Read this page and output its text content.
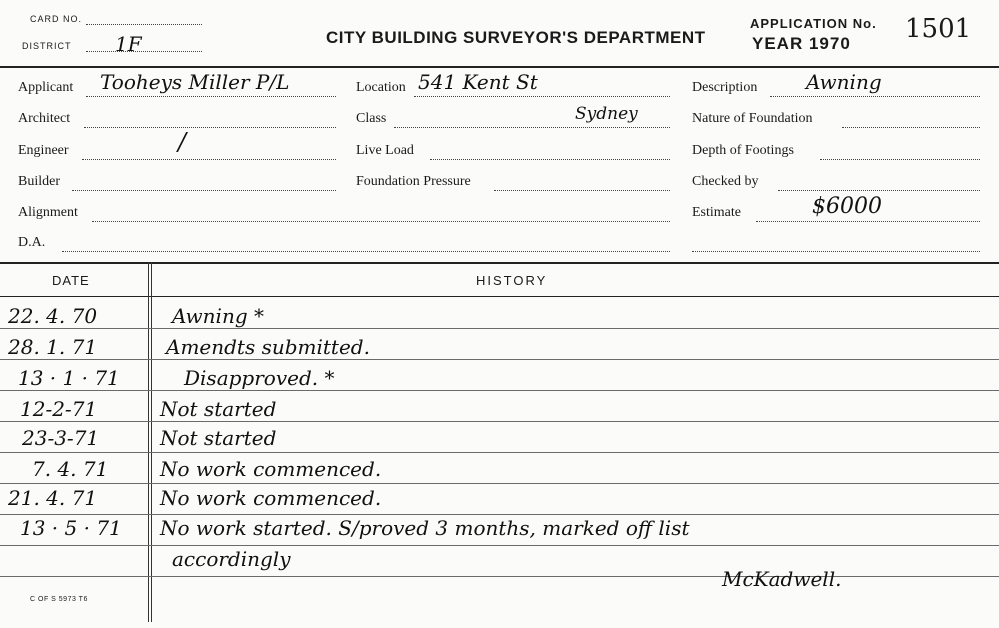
CARD NO.
DISTRICT 1F	CITY BUILDING SURVEYOR'S DEPARTMENT
APPLICATION No.
YEAR 1970 1501
Applicant Tooheys Miller P/L
Architect
Engineer	/
Builder
Alignment
D.A.
Location 541 Kent St
Class	Sydney
Live Load
Foundation Pressure
Description Awning
Nature of Foundation
Depth of Footings
Checked by
Estimate	$6000
DATE	HISTORY
22. 4. 70	Awning *
28. 1. 71	Amendts submitted.
13 · 1 · 71	Disapproved. *
12-2-71	Not started
23-3-71	Not started
7. 4. 71	No work commenced.
21. 4. 71	No work commenced.
13 · 5 · 71	No work started. S/proved 3 months, marked off list
accordingly
McKadwell.
C OF S 5973 T6
